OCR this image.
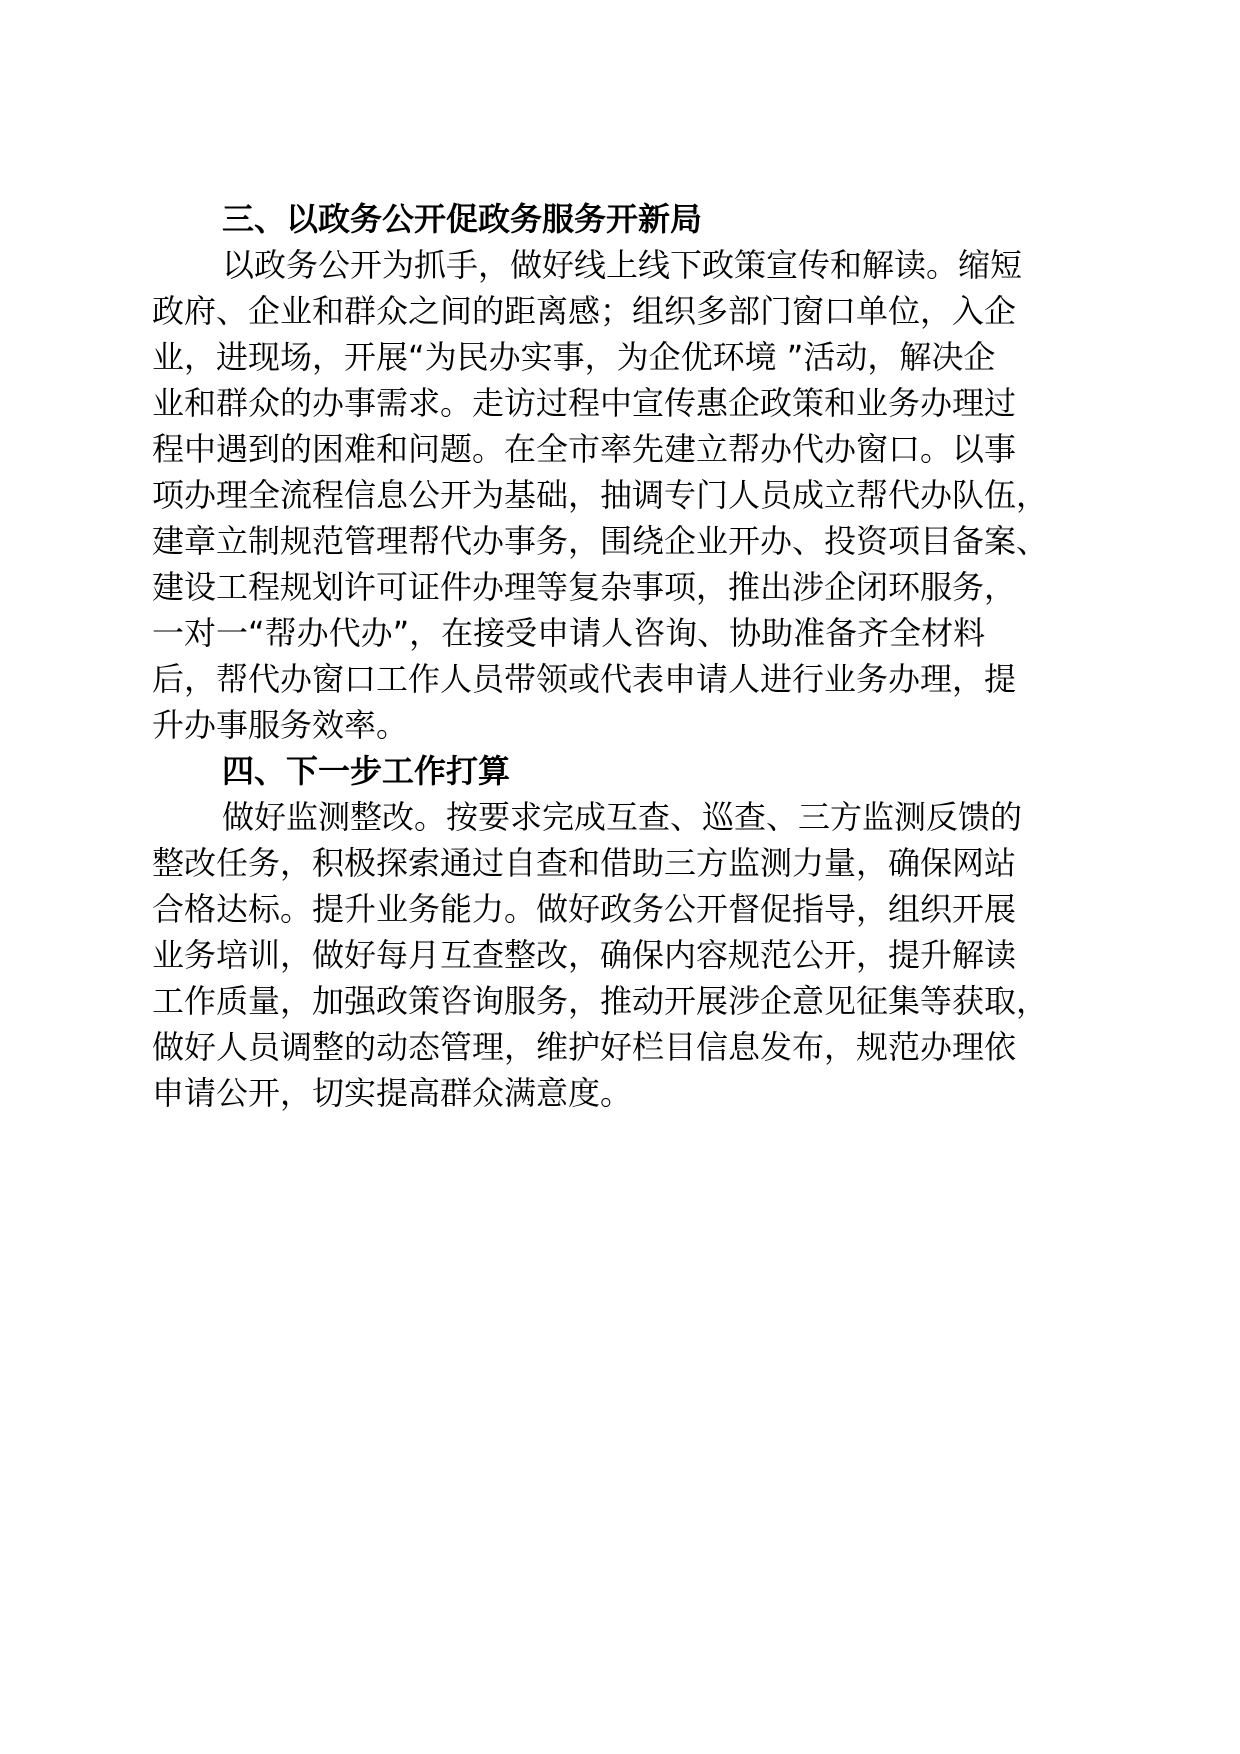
三、以政务公开促政务服务开新局
以政务公开为抓手，做好线上线下政策宣传和解读。缩短
政府、企业和群众之间的距离感；组织多部门窗口单位，入企
业，进现场，开展“为民办实事，为企优环境 ”活动，解决企
业和群众的办事需求。走访过程中宣传惠企政策和业务办理过
程中遇到的困难和问题。在全市率先建立帮办代办窗口。以事
项办理全流程信息公开为基础，抽调专门人员成立帮代办队伍，
建章立制规范管理帮代办事务，围绕企业开办、投资项目备案、
建设工程规划许可证件办理等复杂事项，推出涉企闭环服务，
一对一“帮办代办”，在接受申请人咨询、协助准备齐全材料
后，帮代办窗口工作人员带领或代表申请人进行业务办理，提
升办事服务效率。
四、下一步工作打算
做好监测整改。按要求完成互查、巡查、三方监测反馈的
整改任务，积极探索通过自查和借助三方监测力量，确保网站
合格达标。提升业务能力。做好政务公开督促指导，组织开展
业务培训，做好每月互查整改，确保内容规范公开，提升解读
工作质量，加强政策咨询服务，推动开展涉企意见征集等获取，
做好人员调整的动态管理，维护好栏目信息发布，规范办理依
申请公开，切实提高群众满意度。
